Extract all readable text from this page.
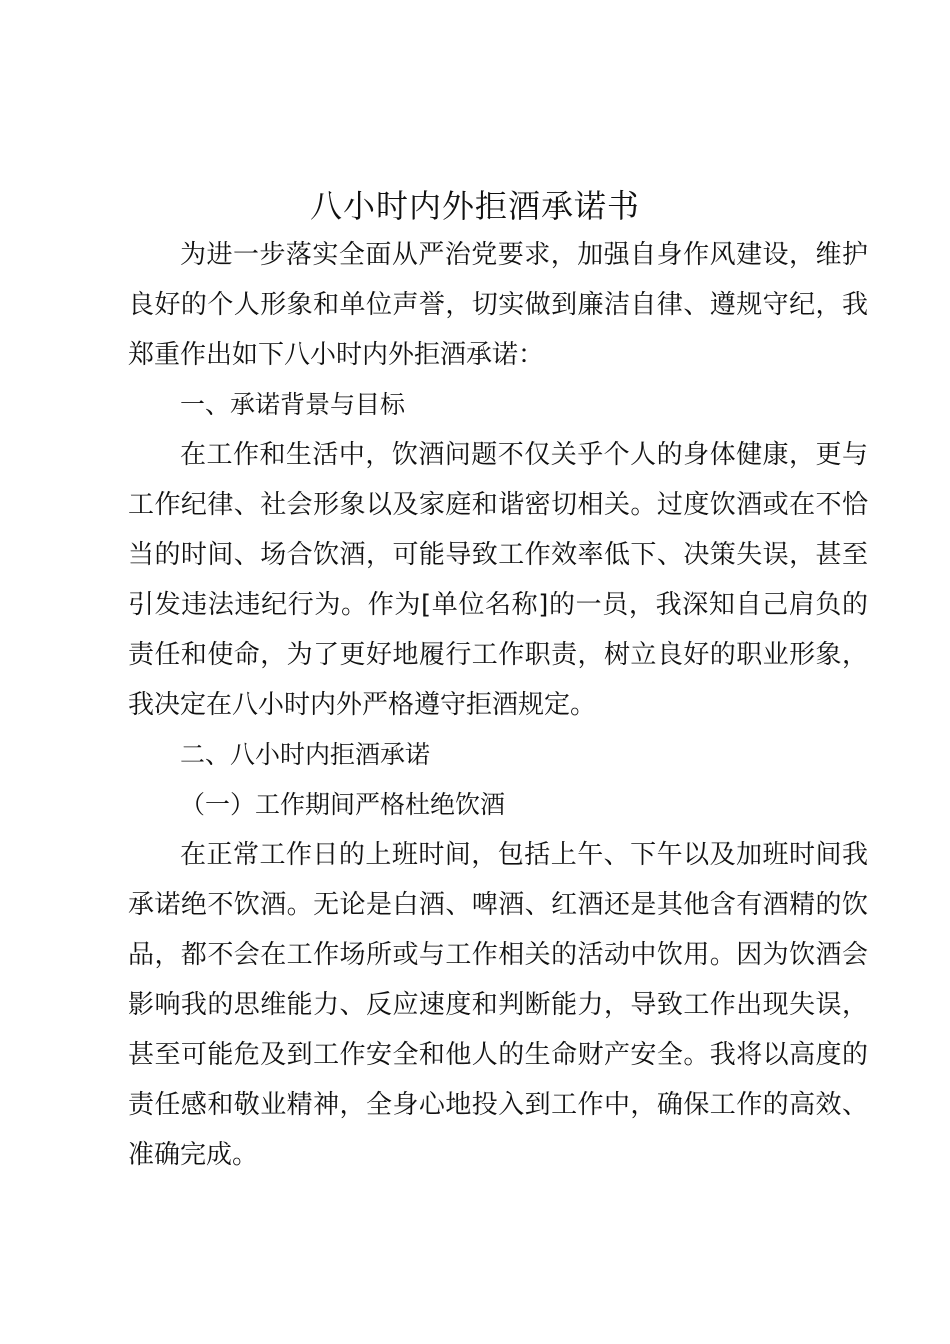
八小时内外拒酒承诺书

为进一步落实全面从严治党要求，加强自身作风建设，维护良好的个人形象和单位声誉，切实做到廉洁自律、遵规守纪，我郑重作出如下八小时内外拒酒承诺：

一、承诺背景与目标

在工作和生活中，饮酒问题不仅关乎个人的身体健康，更与工作纪律、社会形象以及家庭和谐密切相关。过度饮酒或在不恰当的时间、场合饮酒，可能导致工作效率低下、决策失误，甚至引发违法违纪行为。作为[单位名称]的一员，我深知自己肩负的责任和使命，为了更好地履行工作职责，树立良好的职业形象，我决定在八小时内外严格遵守拒酒规定。

二、八小时内拒酒承诺

（一）工作期间严格杜绝饮酒

在正常工作日的上班时间，包括上午、下午以及加班时间我承诺绝不饮酒。无论是白酒、啤酒、红酒还是其他含有酒精的饮品，都不会在工作场所或与工作相关的活动中饮用。因为饮酒会影响我的思维能力、反应速度和判断能力，导致工作出现失误，甚至可能危及到工作安全和他人的生命财产安全。我将以高度的责任感和敬业精神，全身心地投入到工作中，确保工作的高效、准确完成。
